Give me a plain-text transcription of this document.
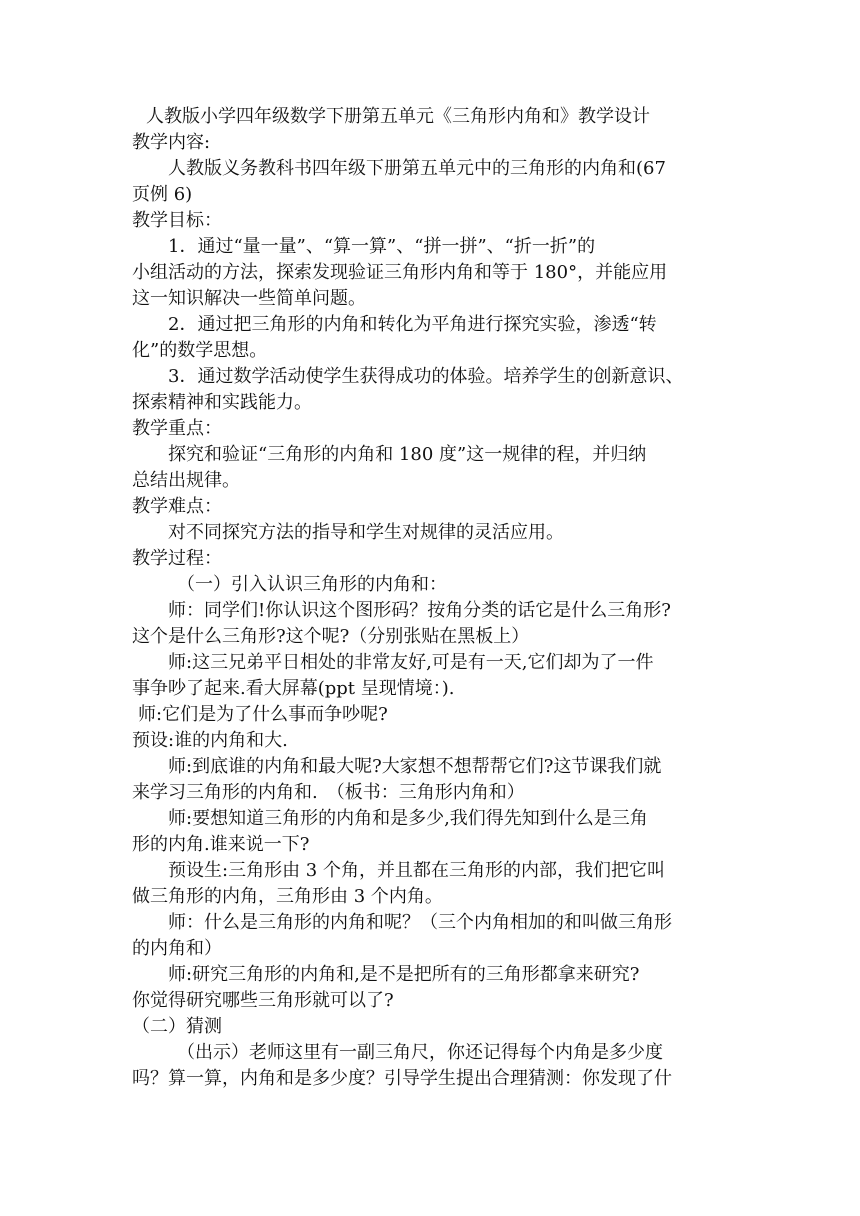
人教版小学四年级数学下册第五单元《三角形内角和》教学设计
教学内容:
人教版义务教科书四年级下册第五单元中的三角形的内角和(67
页例 6)
教学目标：
1．通过“量一量”、“算一算”、“拼一拼”、“折一折”的
小组活动的方法，探索发现验证三角形内角和等于 180°，并能应用
这一知识解决一些简单问题。
2．通过把三角形的内角和转化为平角进行探究实验，渗透“转
化”的数学思想。
3．通过数学活动使学生获得成功的体验。培养学生的创新意识、
探索精神和实践能力。
教学重点：
探究和验证“三角形的内角和 180 度”这一规律的程，并归纳
总结出规律。
教学难点：
对不同探究方法的指导和学生对规律的灵活应用。
教学过程：
（一）引入认识三角形的内角和：
师：同学们!你认识这个图形码？按角分类的话它是什么三角形?
这个是什么三角形?这个呢?（分别张贴在黑板上）
师:这三兄弟平日相处的非常友好,可是有一天,它们却为了一件
事争吵了起来.看大屏幕(ppt 呈现情境：).
师:它们是为了什么事而争吵呢?
预设:谁的内角和大.
师:到底谁的内角和最大呢?大家想不想帮帮它们?这节课我们就
来学习三角形的内角和.　（板书：三角形内角和）
师:要想知道三角形的内角和是多少,我们得先知到什么是三角
形的内角.谁来说一下?
预设生:三角形由 3 个角，并且都在三角形的内部，我们把它叫
做三角形的内角，三角形由 3 个内角。
师：什么是三角形的内角和呢？（三个内角相加的和叫做三角形
的内角和）
师:研究三角形的内角和,是不是把所有的三角形都拿来研究?
你觉得研究哪些三角形就可以了?
（二）猜测
（出示）老师这里有一副三角尺，你还记得每个内角是多少度
吗？算一算，内角和是多少度？引导学生提出合理猜测：你发现了什
